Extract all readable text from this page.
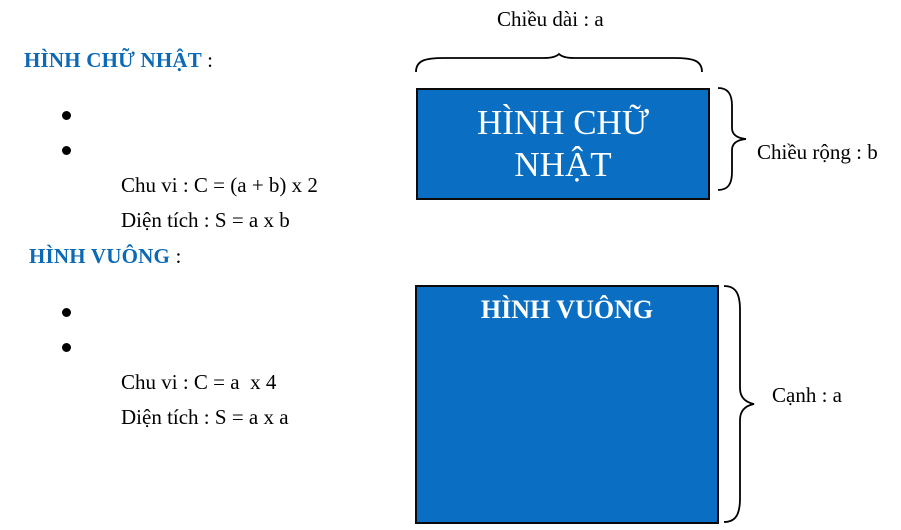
HÌNH CHỮ NHẬT :

Chu vi : C = (a + b) x 2

Diện tích : S = a x b

HÌNH VUÔNG :

Chu vi : C = a  x 4

Diện tích : S = a x a

Chiều dài : a
HÌNH CHỮ NHẬT	Chiều rộng : b
HÌNH VUÔNG
Cạnh : a
